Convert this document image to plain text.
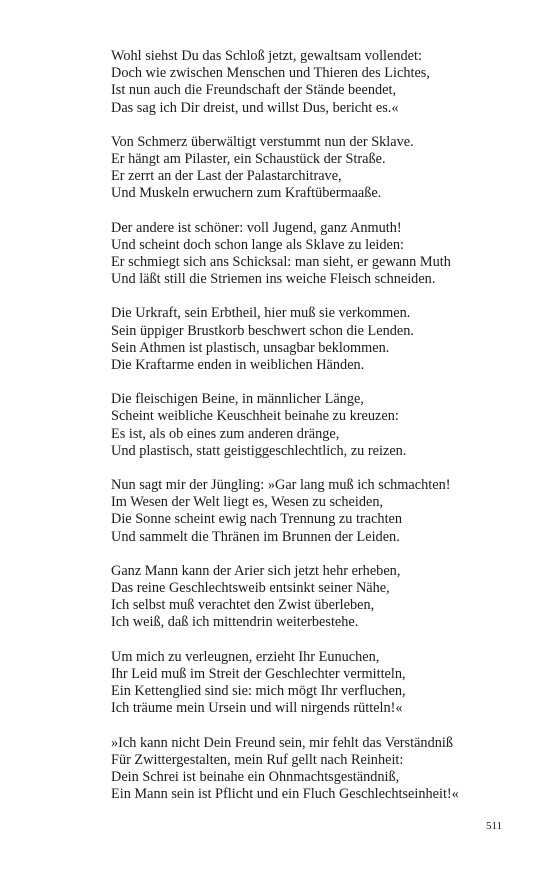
Wohl siehst Du das Schloß jetzt, gewaltsam vollendet:
Doch wie zwischen Menschen und Thieren des Lichtes,
Ist nun auch die Freundschaft der Stände beendet,
Das sag ich Dir dreist, und willst Dus, bericht es.«
Von Schmerz überwältigt verstummt nun der Sklave.
Er hängt am Pilaster, ein Schaustück der Straße.
Er zerrt an der Last der Palastarchitrave,
Und Muskeln erwuchern zum Kraftübermaaße.
Der andere ist schöner: voll Jugend, ganz Anmuth!
Und scheint doch schon lange als Sklave zu leiden:
Er schmiegt sich ans Schicksal: man sieht, er gewann Muth
Und läßt still die Striemen ins weiche Fleisch schneiden.
Die Urkraft, sein Erbtheil, hier muß sie verkommen.
Sein üppiger Brustkorb beschwert schon die Lenden.
Sein Athmen ist plastisch, unsagbar beklommen.
Die Kraftarme enden in weiblichen Händen.
Die fleischigen Beine, in männlicher Länge,
Scheint weibliche Keuschheit beinahe zu kreuzen:
Es ist, als ob eines zum anderen dränge,
Und plastisch, statt geistiggeschlechtlich, zu reizen.
Nun sagt mir der Jüngling: »Gar lang muß ich schmachten!
Im Wesen der Welt liegt es, Wesen zu scheiden,
Die Sonne scheint ewig nach Trennung zu trachten
Und sammelt die Thränen im Brunnen der Leiden.
Ganz Mann kann der Arier sich jetzt hehr erheben,
Das reine Geschlechtsweib entsinkt seiner Nähe,
Ich selbst muß verachtet den Zwist überleben,
Ich weiß, daß ich mittendrin weiterbestehe.
Um mich zu verleugnen, erzieht Ihr Eunuchen,
Ihr Leid muß im Streit der Geschlechter vermitteln,
Ein Kettenglied sind sie: mich mögt Ihr verfluchen,
Ich träume mein Ursein und will nirgends rütteln!«
»Ich kann nicht Dein Freund sein, mir fehlt das Verständniß
Für Zwittergestalten, mein Ruf gellt nach Reinheit:
Dein Schrei ist beinahe ein Ohnmachtsgeständniß,
Ein Mann sein ist Pflicht und ein Fluch Geschlechtseinheit!«
511
